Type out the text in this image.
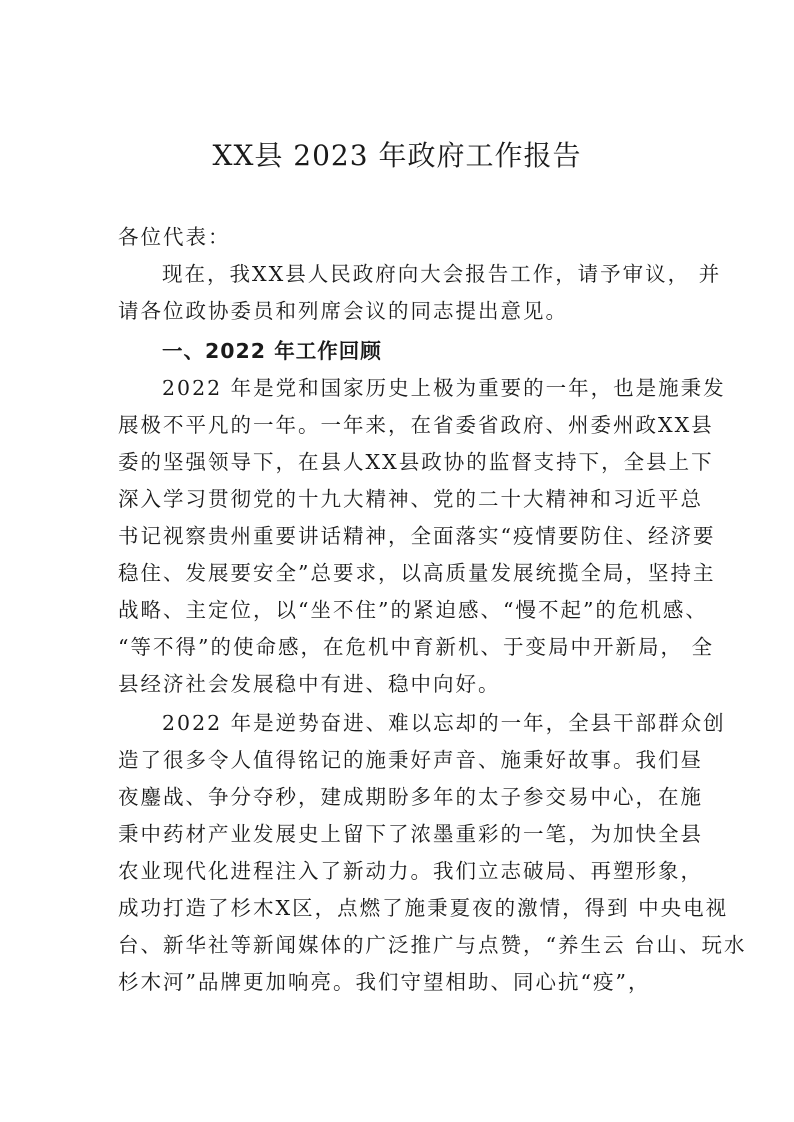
XX县 2023 年政府工作报告
各位代表：
现在，我XX县人民政府向大会报告工作，请予审议， 并
请各位政协委员和列席会议的同志提出意见。
一、2022 年工作回顾
2022 年是党和国家历史上极为重要的一年，也是施秉发
展极不平凡的一年。一年来，在省委省政府、州委州政XX县
委的坚强领导下，在县人XX县政协的监督支持下，全县上下
深入学习贯彻党的十九大精神、党的二十大精神和习近平总
书记视察贵州重要讲话精神，全面落实“疫情要防住、经济要
稳住、发展要安全”总要求，以高质量发展统揽全局，坚持主
战略、主定位，以“坐不住”的紧迫感、“慢不起”的危机感、
“等不得”的使命感，在危机中育新机、于变局中开新局， 全
县经济社会发展稳中有进、稳中向好。
2022 年是逆势奋进、难以忘却的一年，全县干部群众创
造了很多令人值得铭记的施秉好声音、施秉好故事。我们昼
夜鏖战、争分夺秒，建成期盼多年的太子参交易中心，在施
秉中药材产业发展史上留下了浓墨重彩的一笔，为加快全县
农业现代化进程注入了新动力。我们立志破局、再塑形象，
成功打造了杉木X区，点燃了施秉夏夜的激情，得到 中央电视
台、新华社等新闻媒体的广泛推广与点赞，“养生云 台山、玩水
杉木河”品牌更加响亮。我们守望相助、同心抗“疫”，
